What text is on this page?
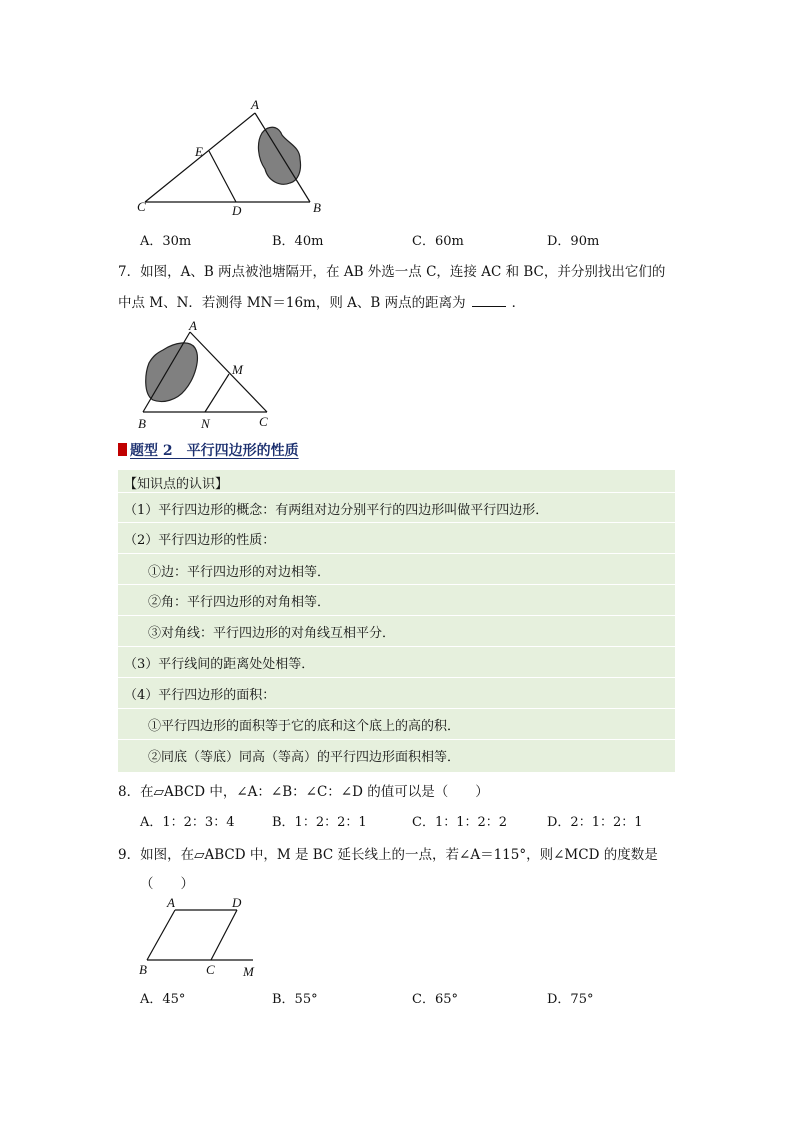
A
E
C	D	B
A．30m	B．40m	C．60m	D．90m
7．如图，A、B 两点被池塘隔开，在 AB 外选一点 C，连接 AC 和 BC，并分别找出它们的
中点 M、N．若测得 MN＝16m，则 A、B 两点的距离为	．
A
M
B	N	C
题型 2　平行四边形的性质
【知识点的认识】
（1）平行四边形的概念：有两组对边分别平行的四边形叫做平行四边形．
（2）平行四边形的性质：
①边：平行四边形的对边相等．
②角：平行四边形的对角相等．
③对角线：平行四边形的对角线互相平分．
（3）平行线间的距离处处相等．
（4）平行四边形的面积：
①平行四边形的面积等于它的底和这个底上的高的积．
②同底（等底）同高（等高）的平行四边形面积相等．
8．在▱ABCD 中，∠A：∠B：∠C：∠D 的值可以是（　　）
A．1：2：3：4	B．1：2：2：1	C．1：1：2：2	D．2：1：2：1
9．如图，在▱ABCD 中，M 是 BC 延长线上的一点，若∠A＝115°，则∠MCD 的度数是
（　　）
A	D
B	C M
A．45°	B．55°	C．65°	D．75°
